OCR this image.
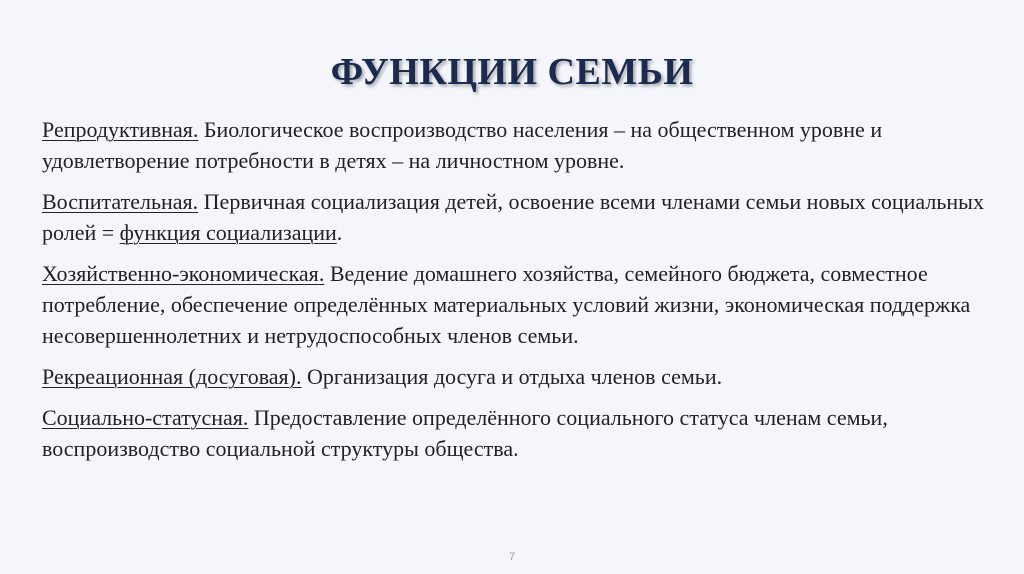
ФУНКЦИИ СЕМЬИ

Репродуктивная. Биологическое воспроизводство населения – на общественном уровне и удовлетворение потребности в детях – на личностном уровне.

Воспитательная. Первичная социализация детей, освоение всеми членами семьи новых социальных ролей = функция социализации.

Хозяйственно-экономическая. Ведение домашнего хозяйства, семейного бюджета, совместное потребление, обеспечение определённых материальных условий жизни, экономическая поддержка несовершеннолетних и нетрудоспособных членов семьи.

Рекреационная (досуговая). Организация досуга и отдыха членов семьи.

Социально-статусная. Предоставление определённого социального статуса членам семьи, воспроизводство социальной структуры общества.

7
